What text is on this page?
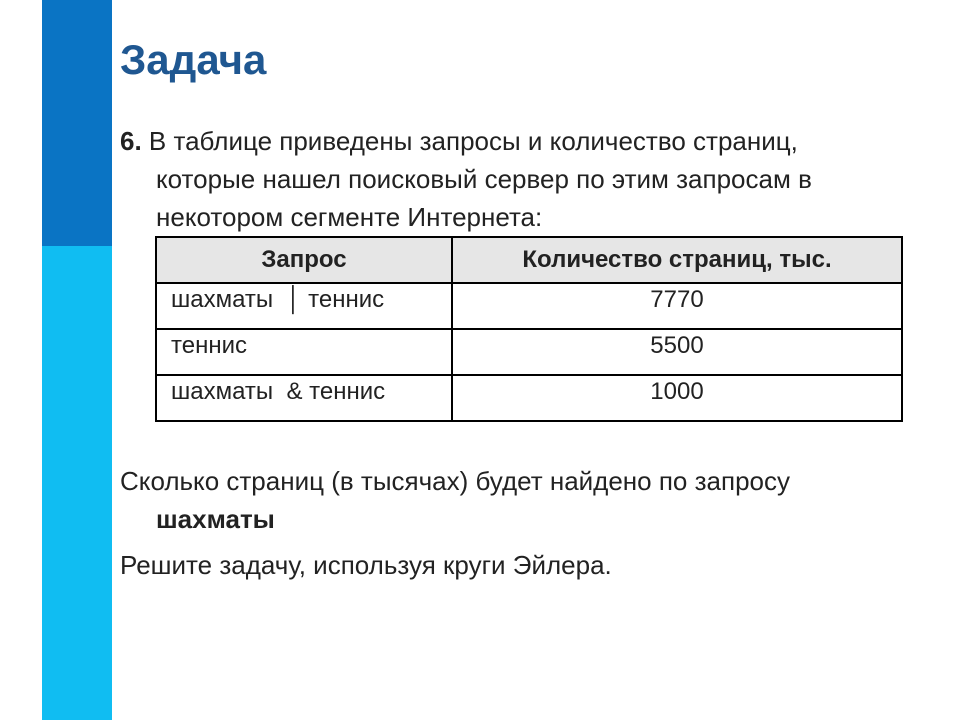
Задача

6. В таблице приведены запросы и количество страниц,
которые нашел поисковый сервер по этим запросам в
некотором сегменте Интернета:

Запрос	Количество страниц, тыс.
шахматы  │ теннис	7770
теннис	5500
шахматы  & теннис	1000

Сколько страниц (в тысячах) будет найдено по запросу
шахматы

Решите задачу, используя круги Эйлера.
